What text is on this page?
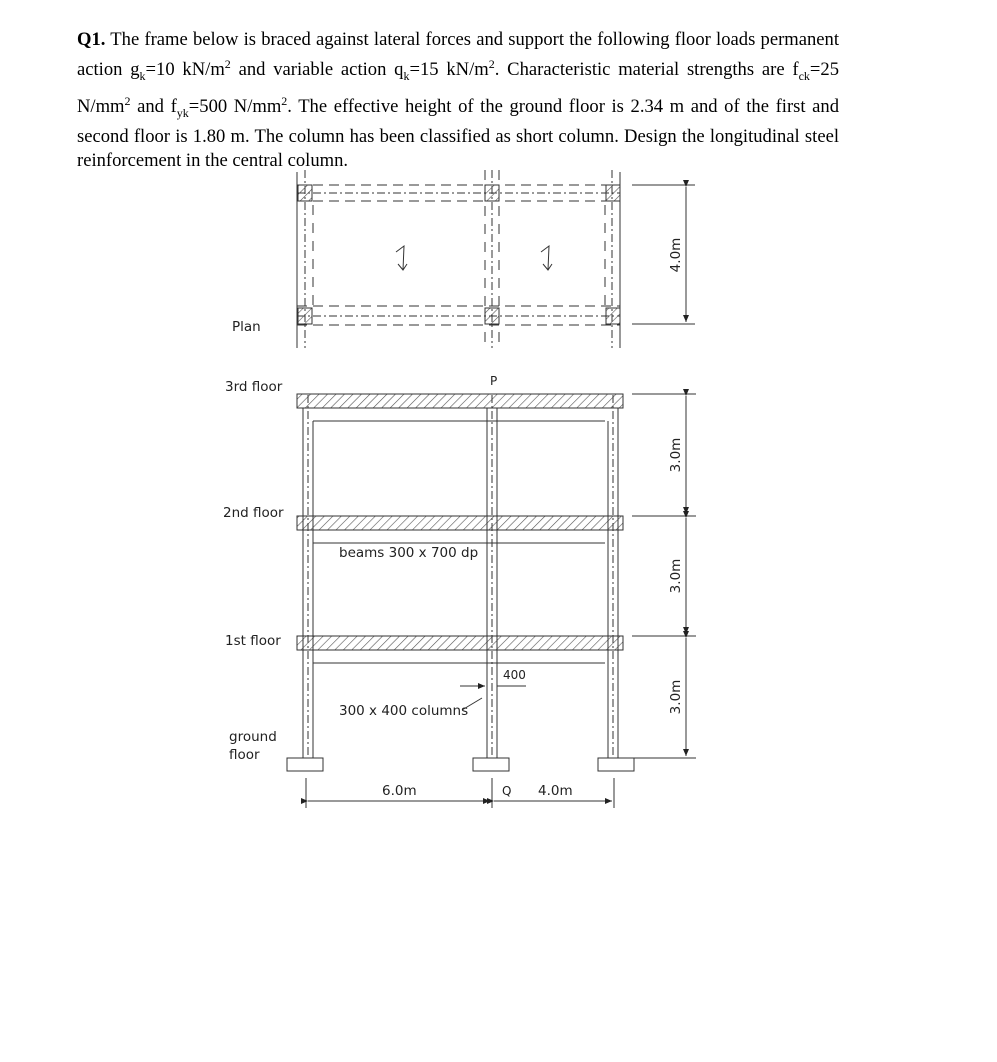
Q1. The frame below is braced against lateral forces and support the following floor loads permanent action $g_k=10$ $kN/m^2$ and variable action $q_k=15$ $kN/m^2$. Characteristic material strengths are $f_{ck}=25$ $N/mm^2$ and $f_{yk}=500$ $N/mm^2$. The effective height of the ground floor is 2.34 m and of the first and second floor is 1.80 m. The column has been classified as short column. Design the longitudinal steel reinforcement in the central column.
Plan
4.0m
3rd floor
2nd floor
1st floor
ground
floor
P
Q
beams 300 x 700 dp
300 x 400 columns
400
3.0m
3.0m
3.0m
6.0m	4.0m
